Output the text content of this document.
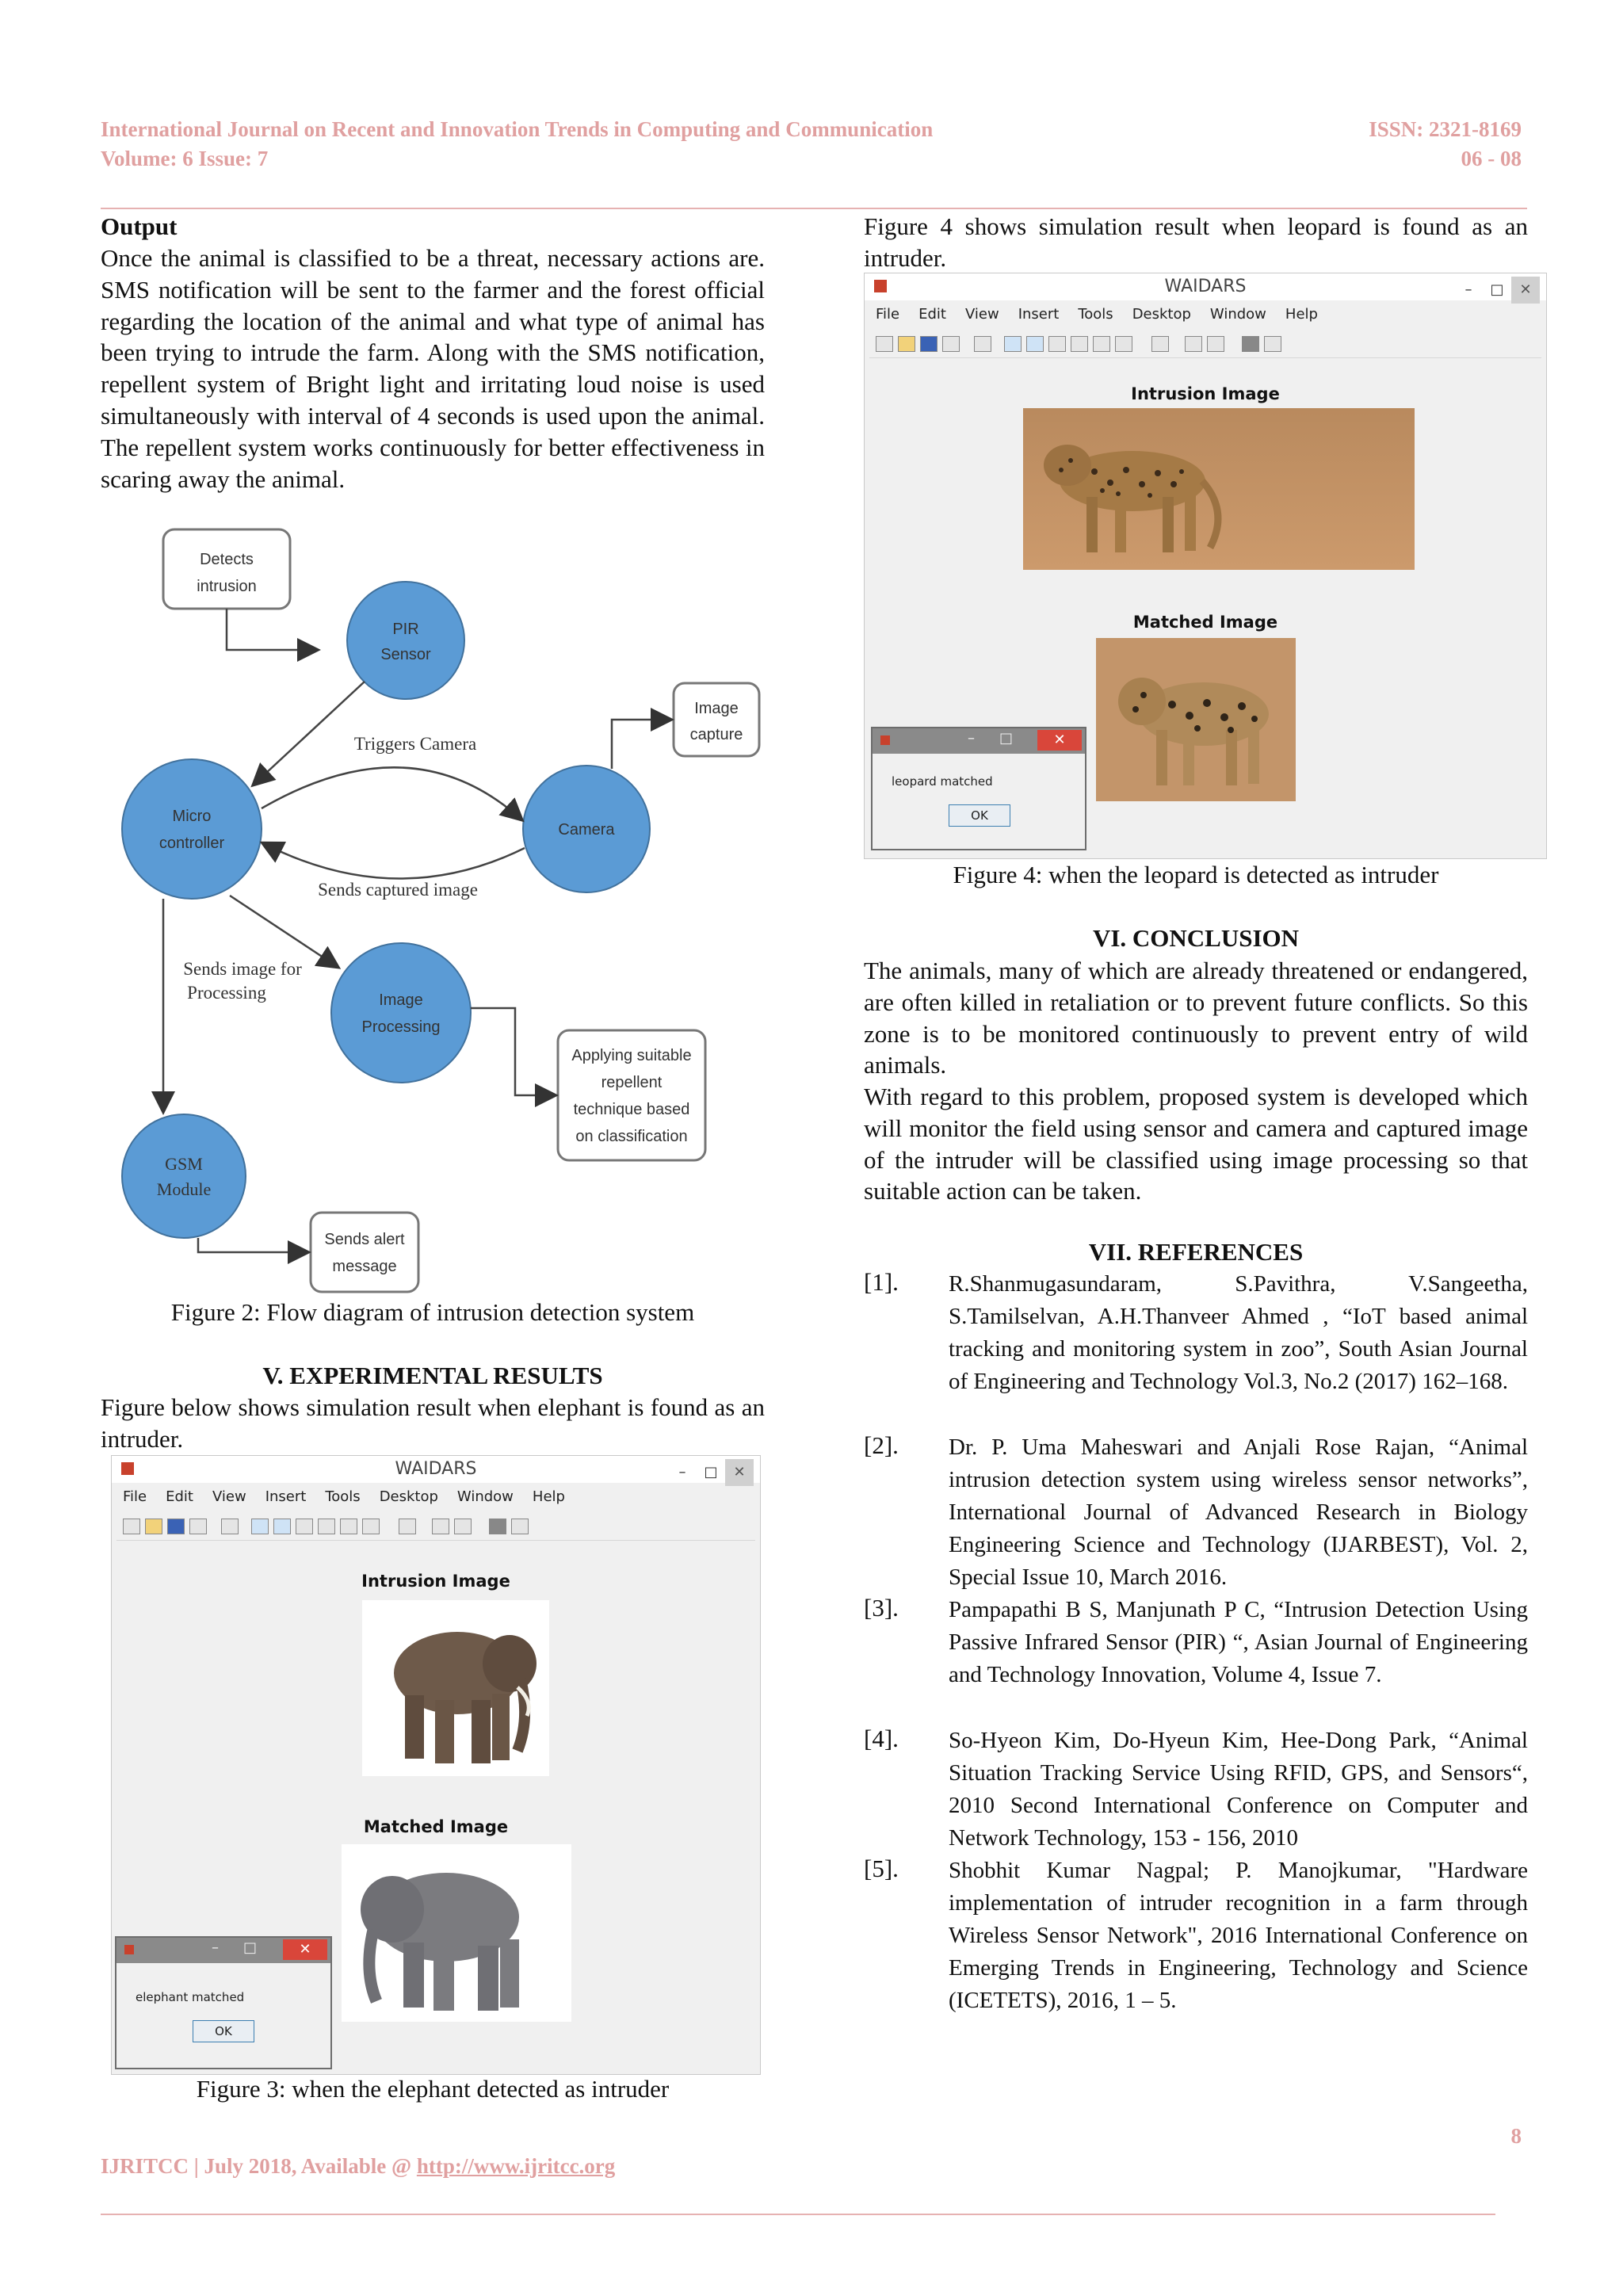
International Journal on Recent and Innovation Trends in Computing and Communication
Volume: 6 Issue: 7
ISSN: 2321-8169
06 - 08
Output
Once the animal is classified to be a threat, necessary actions are. SMS notification will be sent to the farmer and the forest official regarding the location of the animal and what type of animal has been trying to intrude the farm. Along with the SMS notification, repellent system of Bright light and irritating loud noise is used simultaneously with interval of 4 seconds is used upon the animal. The repellent system works continuously for better effectiveness in scaring away the animal.
Detects
intrusion
Image
capture
Applying suitable
repellent
technique based
on classification
Sends alert
message
PIR
Sensor
Micro
controller
Camera
Image
Processing
GSM
Module
Triggers Camera
Sends captured image
Sends image for
Processing
Figure 2: Flow diagram of intrusion detection system
V. EXPERIMENTAL RESULTS
Figure below shows simulation result when elephant is found as an intruder.
WAIDARS	– □ ✕
File Edit View Insert Tools Desktop Window Help
Intrusion Image
Matched Image
– □	✕
elephant matched
OK
Figure 3: when the elephant detected as intruder
Figure 4 shows simulation result when leopard is found as an intruder.
WAIDARS	– □ ✕
File Edit View Insert Tools Desktop Window Help
Intrusion Image
Matched Image
– □	✕
leopard matched
OK
Figure 4: when the leopard is detected as intruder
VI. CONCLUSION
The animals, many of which are already threatened or endangered, are often killed in retaliation or to prevent future conflicts. So this zone is to be monitored continuously to prevent entry of wild animals.
With regard to this problem, proposed system is developed which will monitor the field using sensor and camera and captured image of the intruder will be classified using image processing so that suitable action can be taken.
VII. REFERENCES
[1]. R.Shanmugasundaram, S.Pavithra, V.Sangeetha, S.Tamilselvan, A.H.Thanveer Ahmed , “IoT based animal tracking and monitoring system in zoo”, South Asian Journal of Engineering and Technology Vol.3, No.2 (2017) 162–168.
[2]. Dr. P. Uma Maheswari and Anjali Rose Rajan, “Animal intrusion detection system using wireless sensor networks”, International Journal of Advanced Research in Biology Engineering Science and Technology (IJARBEST), Vol. 2, Special Issue 10, March 2016.
[3]. Pampapathi B S, Manjunath P C, “Intrusion Detection Using Passive Infrared Sensor (PIR) “, Asian Journal of Engineering and Technology Innovation, Volume 4, Issue 7.
[4]. So-Hyeon Kim, Do-Hyeun Kim, Hee-Dong Park, “Animal Situation Tracking Service Using RFID, GPS, and Sensors“, 2010 Second International Conference on Computer and Network Technology, 153 - 156, 2010
[5]. Shobhit Kumar Nagpal; P. Manojkumar, "Hardware implementation of intruder recognition in a farm through Wireless Sensor Network", 2016 International Conference on Emerging Trends in Engineering, Technology and Science (ICETETS), 2016, 1 – 5.
8
IJRITCC | July 2018, Available @ http://www.ijritcc.org
